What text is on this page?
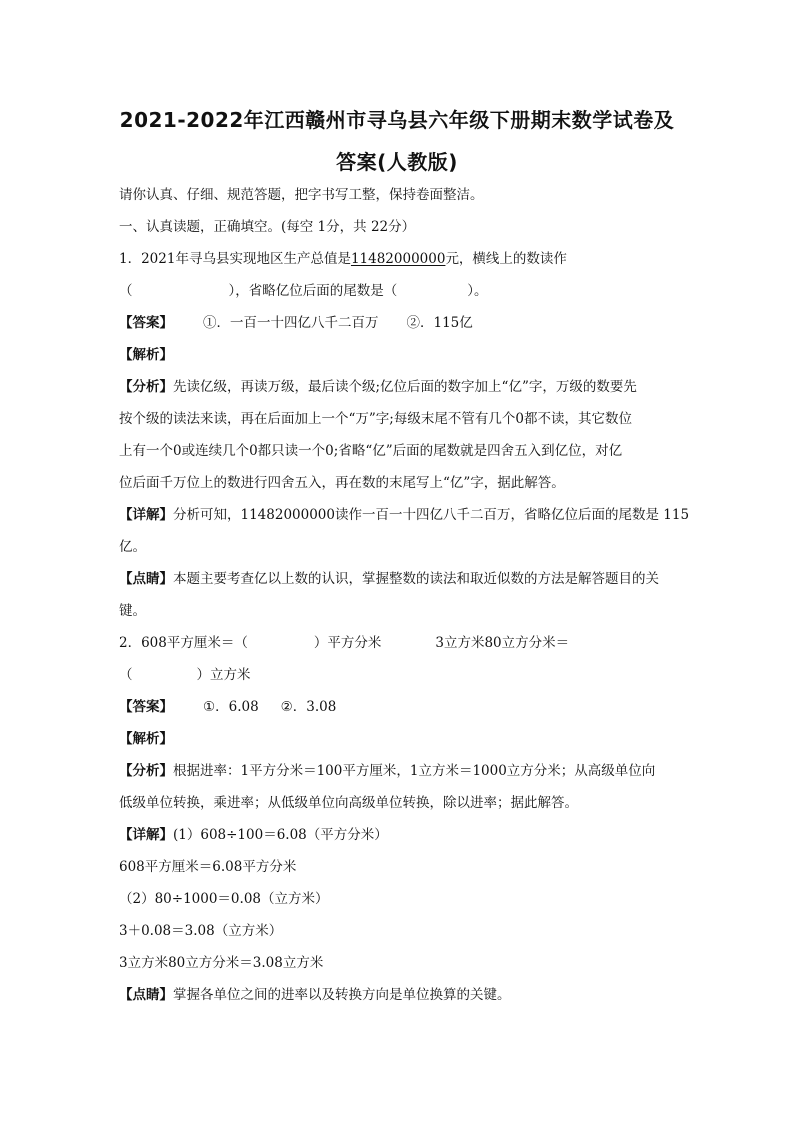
2021-2022年江西赣州市寻乌县六年级下册期末数学试卷及
答案(人教版)
请你认真、仔细、规范答题，把字书写工整，保持卷面整洁。
一、认真读题，正确填空。(每空 1分，共 22分）
1．2021年寻乌县实现地区生产总值是11482000000元，横线上的数读作
（	），省略亿位后面的尾数是（	）。
【答案】 ①．一百一十四亿八千二百万 ②．115亿
【解析】
【分析】先读亿级，再读万级，最后读个级;亿位后面的数字加上“亿”字，万级的数要先
按个级的读法来读，再在后面加上一个“万”字;每级末尾不管有几个0都不读，其它数位
上有一个0或连续几个0都只读一个0;省略“亿”后面的尾数就是四舍五入到亿位，对亿
位后面千万位上的数进行四舍五入，再在数的末尾写上“亿”字，据此解答。
【详解】分析可知，11482000000读作一百一十四亿八千二百万，省略亿位后面的尾数是 115
亿。
【点睛】本题主要考查亿以上数的认识，掌握整数的读法和取近似数的方法是解答题目的关
键。
2．608平方厘米＝（	）平方分米	3立方米80立方分米＝
（	）立方米
【答案】 ①．6.08 ②．3.08
【解析】
【分析】根据进率：1平方分米＝100平方厘米，1立方米＝1000立方分米；从高级单位向
低级单位转换，乘进率；从低级单位向高级单位转换，除以进率；据此解答。
【详解】(1）608÷100＝6.08（平方分米）
608平方厘米＝6.08平方分米
（2）80÷1000＝0.08（立方米）
3＋0.08＝3.08（立方米）
3立方米80立方分米＝3.08立方米
【点睛】掌握各单位之间的进率以及转换方向是单位换算的关键。
